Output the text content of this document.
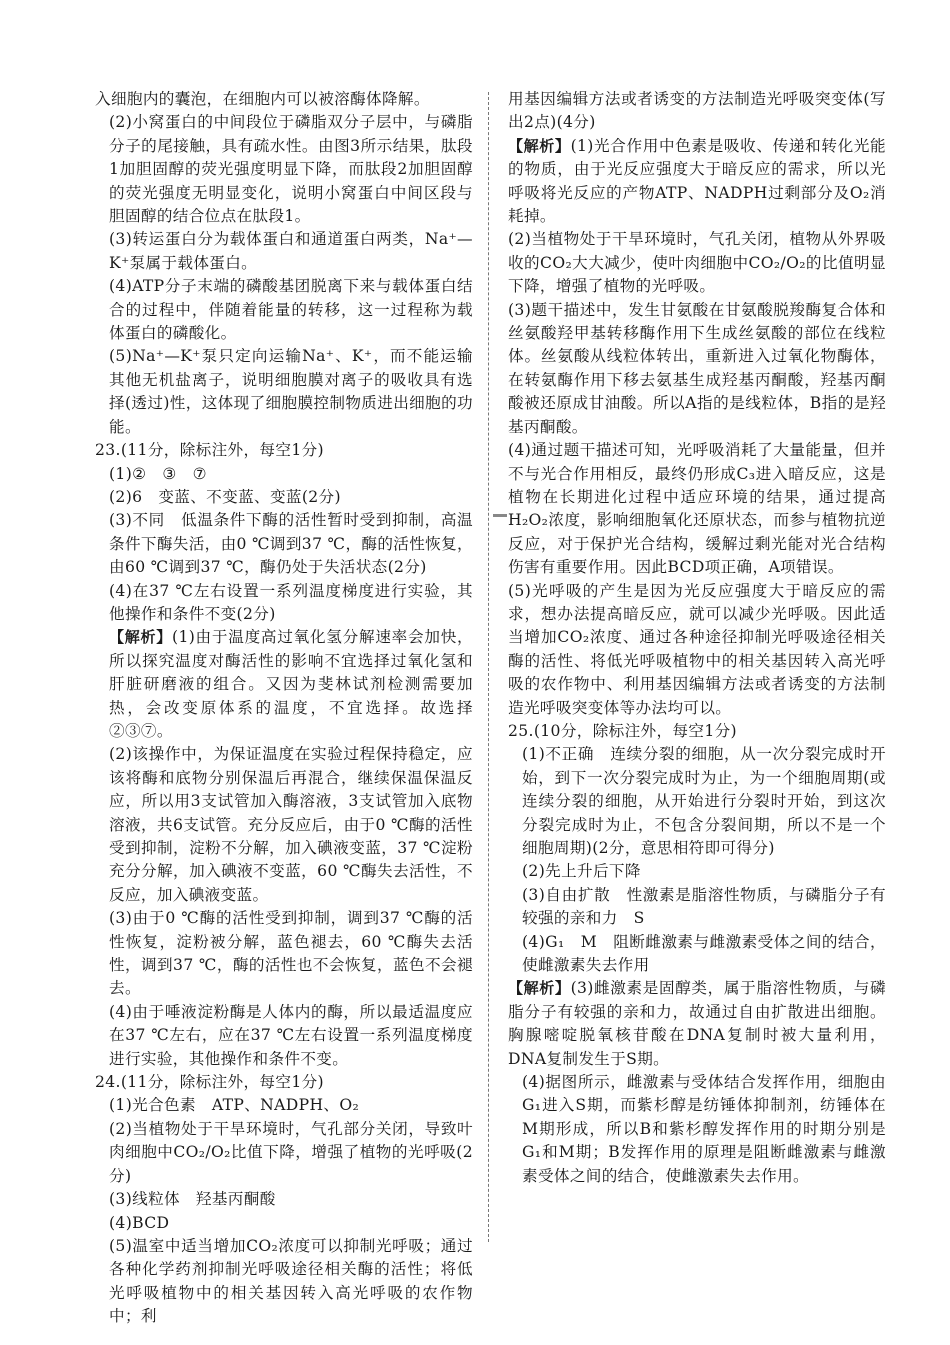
入细胞内的囊泡，在细胞内可以被溶酶体降解。

(2)小窝蛋白的中间段位于磷脂双分子层中，与磷脂分子的尾接触，具有疏水性。由图3所示结果，肽段1加胆固醇的荧光强度明显下降，而肽段2加胆固醇的荧光强度无明显变化，说明小窝蛋白中间区段与胆固醇的结合位点在肽段1。

(3)转运蛋白分为载体蛋白和通道蛋白两类，Na⁺—K⁺泵属于载体蛋白。

(4)ATP分子末端的磷酸基团脱离下来与载体蛋白结合的过程中，伴随着能量的转移，这一过程称为载体蛋白的磷酸化。

(5)Na⁺—K⁺泵只定向运输Na⁺、K⁺，而不能运输其他无机盐离子，说明细胞膜对离子的吸收具有选择(透过)性，这体现了细胞膜控制物质进出细胞的功能。

23.(11分，除标注外，每空1分)

(1)②　③　⑦

(2)6　变蓝、不变蓝、变蓝(2分)

(3)不同　低温条件下酶的活性暂时受到抑制，高温条件下酶失活，由0 ℃调到37 ℃，酶的活性恢复，由60 ℃调到37 ℃，酶仍处于失活状态(2分)

(4)在37 ℃左右设置一系列温度梯度进行实验，其他操作和条件不变(2分)

【解析】(1)由于温度高过氧化氢分解速率会加快，所以探究温度对酶活性的影响不宜选择过氧化氢和肝脏研磨液的组合。又因为斐林试剂检测需要加热，会改变原体系的温度，不宜选择。故选择②③⑦。

(2)该操作中，为保证温度在实验过程保持稳定，应该将酶和底物分别保温后再混合，继续保温保温反应，所以用3支试管加入酶溶液，3支试管加入底物溶液，共6支试管。充分反应后，由于0 ℃酶的活性受到抑制，淀粉不分解，加入碘液变蓝，37 ℃淀粉充分分解，加入碘液不变蓝，60 ℃酶失去活性，不反应，加入碘液变蓝。

(3)由于0 ℃酶的活性受到抑制，调到37 ℃酶的活性恢复，淀粉被分解，蓝色褪去，60 ℃酶失去活性，调到37 ℃，酶的活性也不会恢复，蓝色不会褪去。

(4)由于唾液淀粉酶是人体内的酶，所以最适温度应在37 ℃左右，应在37 ℃左右设置一系列温度梯度进行实验，其他操作和条件不变。

24.(11分，除标注外，每空1分)

(1)光合色素　ATP、NADPH、O₂

(2)当植物处于干旱环境时，气孔部分关闭，导致叶肉细胞中CO₂/O₂比值下降，增强了植物的光呼吸(2分)

(3)线粒体　羟基丙酮酸

(4)BCD

(5)温室中适当增加CO₂浓度可以抑制光呼吸；通过各种化学药剂抑制光呼吸途径相关酶的活性；将低光呼吸植物中的相关基因转入高光呼吸的农作物中；利

用基因编辑方法或者诱变的方法制造光呼吸突变体(写出2点)(4分)

【解析】(1)光合作用中色素是吸收、传递和转化光能的物质，由于光反应强度大于暗反应的需求，所以光呼吸将光反应的产物ATP、NADPH过剩部分及O₂消耗掉。

(2)当植物处于干旱环境时，气孔关闭，植物从外界吸收的CO₂大大减少，使叶肉细胞中CO₂/O₂的比值明显下降，增强了植物的光呼吸。

(3)题干描述中，发生甘氨酸在甘氨酸脱羧酶复合体和丝氨酸羟甲基转移酶作用下生成丝氨酸的部位在线粒体。丝氨酸从线粒体转出，重新进入过氧化物酶体，在转氨酶作用下移去氨基生成羟基丙酮酸，羟基丙酮酸被还原成甘油酸。所以A指的是线粒体，B指的是羟基丙酮酸。

(4)通过题干描述可知，光呼吸消耗了大量能量，但并不与光合作用相反，最终仍形成C₃进入暗反应，这是植物在长期进化过程中适应环境的结果，通过提高H₂O₂浓度，影响细胞氧化还原状态，而参与植物抗逆反应，对于保护光合结构，缓解过剩光能对光合结构伤害有重要作用。因此BCD项正确，A项错误。

(5)光呼吸的产生是因为光反应强度大于暗反应的需求，想办法提高暗反应，就可以减少光呼吸。因此适当增加CO₂浓度、通过各种途径抑制光呼吸途径相关酶的活性、将低光呼吸植物中的相关基因转入高光呼吸的农作物中、利用基因编辑方法或者诱变的方法制造光呼吸突变体等办法均可以。

25.(10分，除标注外，每空1分)

(1)不正确　连续分裂的细胞，从一次分裂完成时开始，到下一次分裂完成时为止，为一个细胞周期(或连续分裂的细胞，从开始进行分裂时开始，到这次分裂完成时为止，不包含分裂间期，所以不是一个细胞周期)(2分，意思相符即可得分)

(2)先上升后下降

(3)自由扩散　性激素是脂溶性物质，与磷脂分子有较强的亲和力　S

(4)G₁　M　阻断雌激素与雌激素受体之间的结合，使雌激素失去作用

【解析】(3)雌激素是固醇类，属于脂溶性物质，与磷脂分子有较强的亲和力，故通过自由扩散进出细胞。胸腺嘧啶脱氧核苷酸在DNA复制时被大量利用，DNA复制发生于S期。

(4)据图所示，雌激素与受体结合发挥作用，细胞由G₁进入S期，而紫杉醇是纺锤体抑制剂，纺锤体在M期形成，所以B和紫杉醇发挥作用的时期分别是G₁和M期；B发挥作用的原理是阻断雌激素与雌激素受体之间的结合，使雌激素失去作用。
